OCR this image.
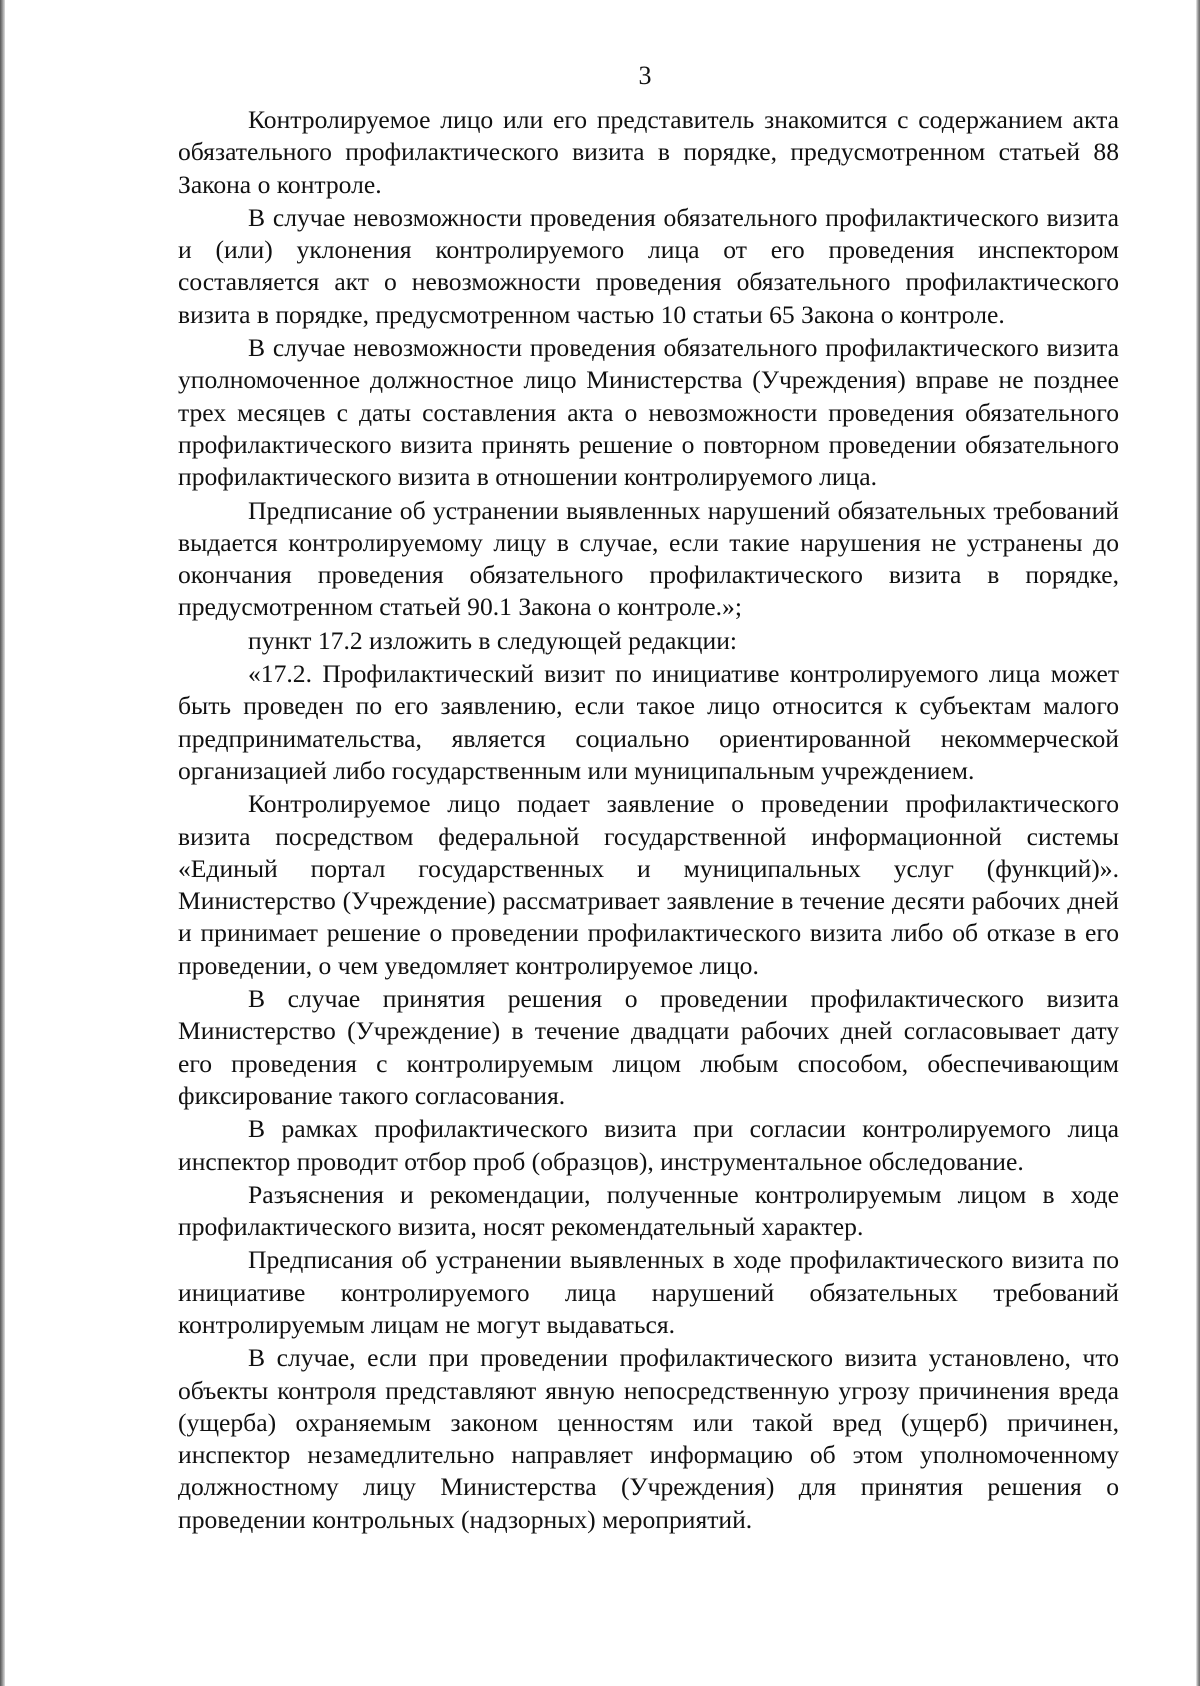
3

Контролируемое лицо или его представитель знакомится с содержанием акта обязательного профилактического визита в порядке, предусмотренном статьей 88 Закона о контроле.

В случае невозможности проведения обязательного профилактического визита и (или) уклонения контролируемого лица от его проведения инспектором составляется акт о невозможности проведения обязательного профилактического визита в порядке, предусмотренном частью 10 статьи 65 Закона о контроле.

В случае невозможности проведения обязательного профилактического визита уполномоченное должностное лицо Министерства (Учреждения) вправе не позднее трех месяцев с даты составления акта о невозможности проведения обязательного профилактического визита принять решение о повторном проведении обязательного профилактического визита в отношении контролируемого лица.

Предписание об устранении выявленных нарушений обязательных требований выдается контролируемому лицу в случае, если такие нарушения не устранены до окончания проведения обязательного профилактического визита в порядке, предусмотренном статьей 90.1 Закона о контроле.»;

пункт 17.2 изложить в следующей редакции:

«17.2. Профилактический визит по инициативе контролируемого лица может быть проведен по его заявлению, если такое лицо относится к субъектам малого предпринимательства, является социально ориентированной некоммерческой организацией либо государственным или муниципальным учреждением.

Контролируемое лицо подает заявление о проведении профилактического визита посредством федеральной государственной информационной системы «Единый портал государственных и муниципальных услуг (функций)». Министерство (Учреждение) рассматривает заявление в течение десяти рабочих дней и принимает решение о проведении профилактического визита либо об отказе в его проведении, о чем уведомляет контролируемое лицо.

В случае принятия решения о проведении профилактического визита Министерство (Учреждение) в течение двадцати рабочих дней согласовывает дату его проведения с контролируемым лицом любым способом, обеспечивающим фиксирование такого согласования.

В рамках профилактического визита при согласии контролируемого лица инспектор проводит отбор проб (образцов), инструментальное обследование.

Разъяснения и рекомендации, полученные контролируемым лицом в ходе профилактического визита, носят рекомендательный характер.

Предписания об устранении выявленных в ходе профилактического визита по инициативе контролируемого лица нарушений обязательных требований контролируемым лицам не могут выдаваться.

В случае, если при проведении профилактического визита установлено, что объекты контроля представляют явную непосредственную угрозу причинения вреда (ущерба) охраняемым законом ценностям или такой вред (ущерб) причинен, инспектор незамедлительно направляет информацию об этом уполномоченному должностному лицу Министерства (Учреждения) для принятия решения о проведении контрольных (надзорных) мероприятий.
